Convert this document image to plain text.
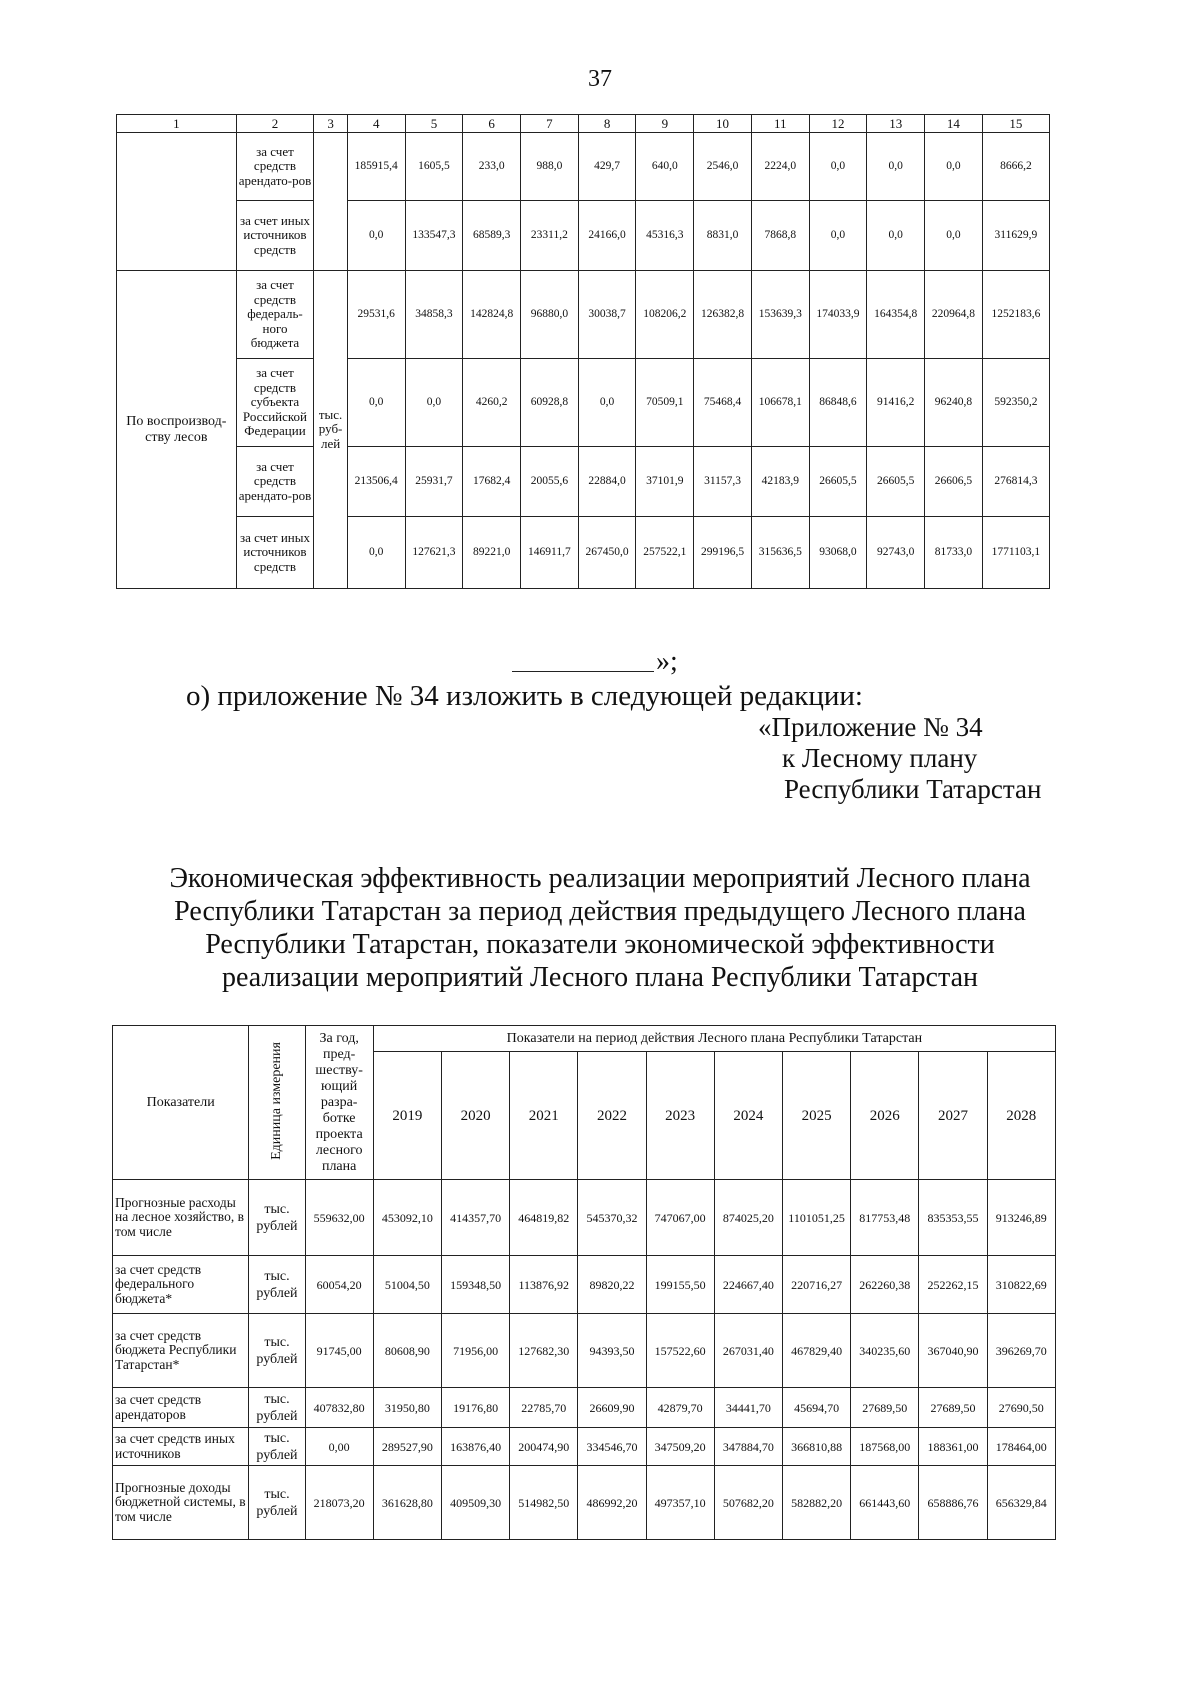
37
1	2	3	4	5	6	7	8	9	10	11	12	13	14	15
	за счет средств арендато-ров		185915,4	1605,5	233,0	988,0	429,7	640,0	2546,0	2224,0	0,0	0,0	0,0	8666,2
	за счет иных источников средств		0,0	133547,3	68589,3	23311,2	24166,0	45316,3	8831,0	7868,8	0,0	0,0	0,0	311629,9
По воспроизвод-ству лесов	за счет средств федераль-ного бюджета	тыс. руб-лей	29531,6	34858,3	142824,8	96880,0	30038,7	108206,2	126382,8	153639,3	174033,9	164354,8	220964,8	1252183,6
	за счет средств субъекта Российской Федерации		0,0	0,0	4260,2	60928,8	0,0	70509,1	75468,4	106678,1	86848,6	91416,2	96240,8	592350,2
	за счет средств арендато-ров		213506,4	25931,7	17682,4	20055,6	22884,0	37101,9	31157,3	42183,9	26605,5	26605,5	26606,5	276814,3
	за счет иных источников средств		0,0	127621,3	89221,0	146911,7	267450,0	257522,1	299196,5	315636,5	93068,0	92743,0	81733,0	1771103,1
»;
о) приложение № 34 изложить в следующей редакции:
«Приложение № 34
к Лесному плану
Республики Татарстан
Экономическая эффективность реализации мероприятий Лесного плана
Республики Татарстан за период действия предыдущего Лесного плана
Республики Татарстан, показатели экономической эффективности
реализации мероприятий Лесного плана Республики Татарстан
Показатели	Единица измерения	За год, пред-шеству-ющий разра-ботке проекта лесного плана	Показатели на период действия Лесного плана Республики Татарстан									
			2019	2020	2021	2022	2023	2024	2025	2026	2027	2028
Прогнозные расходы на лесное хозяйство, в том числе	тыс. рублей	559632,00	453092,10	414357,70	464819,82	545370,32	747067,00	874025,20	1101051,25	817753,48	835353,55	913246,89
за счет средств федерального бюджета*	тыс. рублей	60054,20	51004,50	159348,50	113876,92	89820,22	199155,50	224667,40	220716,27	262260,38	252262,15	310822,69
за счет средств бюджета Республики Татарстан*	тыс. рублей	91745,00	80608,90	71956,00	127682,30	94393,50	157522,60	267031,40	467829,40	340235,60	367040,90	396269,70
за счет средств арендаторов	тыс. рублей	407832,80	31950,80	19176,80	22785,70	26609,90	42879,70	34441,70	45694,70	27689,50	27689,50	27690,50
за счет средств иных источников	тыс. рублей	0,00	289527,90	163876,40	200474,90	334546,70	347509,20	347884,70	366810,88	187568,00	188361,00	178464,00
Прогнозные доходы бюджетной системы, в том числе	тыс. рублей	218073,20	361628,80	409509,30	514982,50	486992,20	497357,10	507682,20	582882,20	661443,60	658886,76	656329,84
